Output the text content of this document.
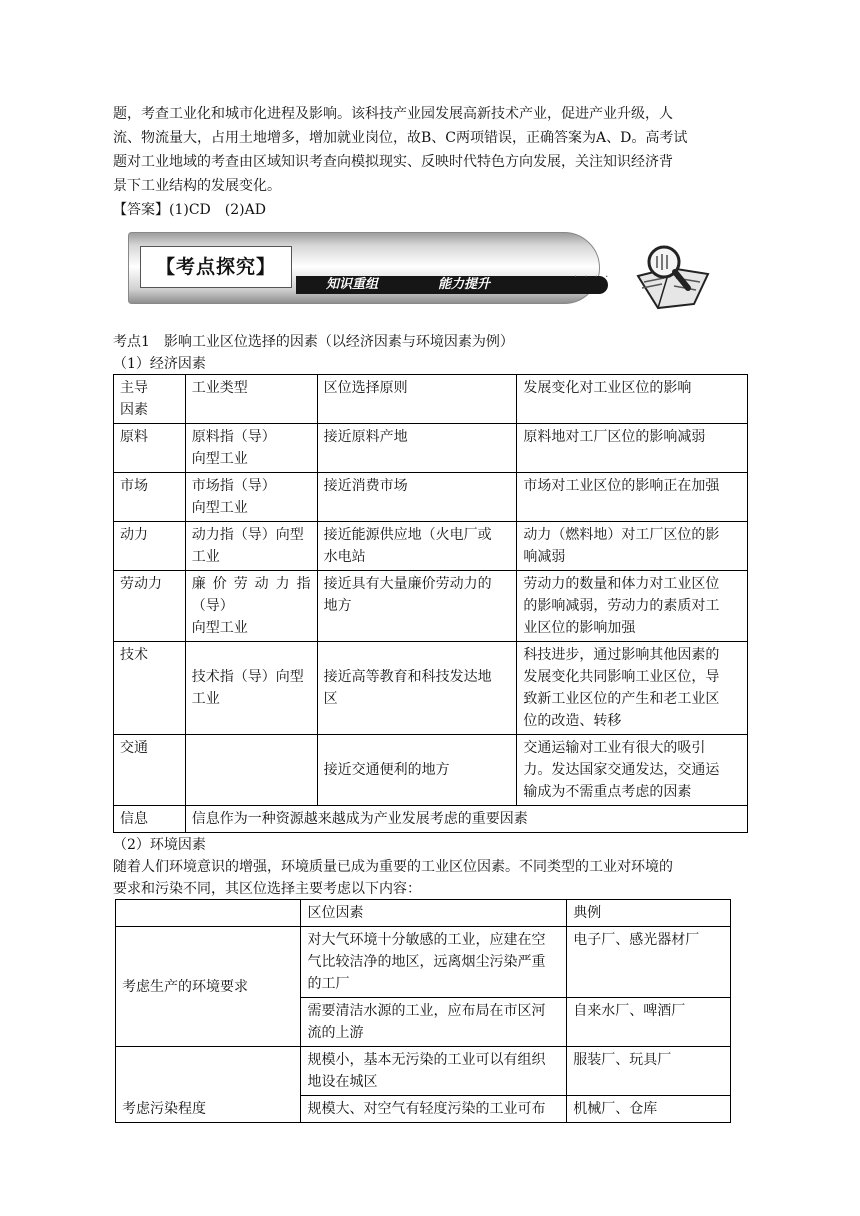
题，考查工业化和城市化进程及影响。该科技产业园发展高新技术产业，促进产业升级，人
流、物流量大，占用土地增多，增加就业岗位，故B、C两项错误，正确答案为A、D。高考试
题对工业地域的考查由区域知识考查向模拟现实、反映时代特色方向发展，关注知识经济背
景下工业结构的发展变化。
【答案】(1)CD　(2)AD
【考点探究】
知识重组	能力提升	· · · ·
考点1　影响工业区位选择的因素（以经济因素与环境因素为例）
（1）经济因素
主导
因素	工业类型	区位选择原则	发展变化对工业区位的影响

原料	原料指（导）
向型工业	接近原料产地	原料地对工厂区位的影响减弱

市场	市场指（导）
向型工业	接近消费市场	市场对工业区位的影响正在加强

动力	动力指（导）向型
工业	接近能源供应地（火电厂或
水电站	动力（燃料地）对工厂区位的影
响减弱

劳动力	廉价劳动力指
（导）
向型工业	接近具有大量廉价劳动力的
地方	劳动力的数量和体力对工业区位
的影响减弱，劳动力的素质对工
业区位的影响加强

技术	技术指（导）向型
工业	接近高等教育和科技发达地
区	科技进步，通过影响其他因素的
发展变化共同影响工业区位，导
致新工业区位的产生和老工业区
位的改造、转移

交通		接近交通便利的地方	交通运输对工业有很大的吸引
力。发达国家交通发达，交通运
输成为不需重点考虑的因素

信息	信息作为一种资源越来越成为产业发展考虑的重要因素		
（2）环境因素
随着人们环境意识的增强，环境质量已成为重要的工业区位因素。不同类型的工业对环境的
要求和污染不同，其区位选择主要考虑以下内容：
	区位因素	典例

考虑生产的环境要求	对大气环境十分敏感的工业，应建在空
气比较洁净的地区，远离烟尘污染严重
的工厂	电子厂、感光器材厂

	需要清洁水源的工业，应布局在市区河
流的上游	自来水厂、啤酒厂

考虑污染程度	规模小，基本无污染的工业可以有组织
地设在城区	服装厂、玩具厂

	规模大、对空气有轻度污染的工业可布	机械厂、仓库
